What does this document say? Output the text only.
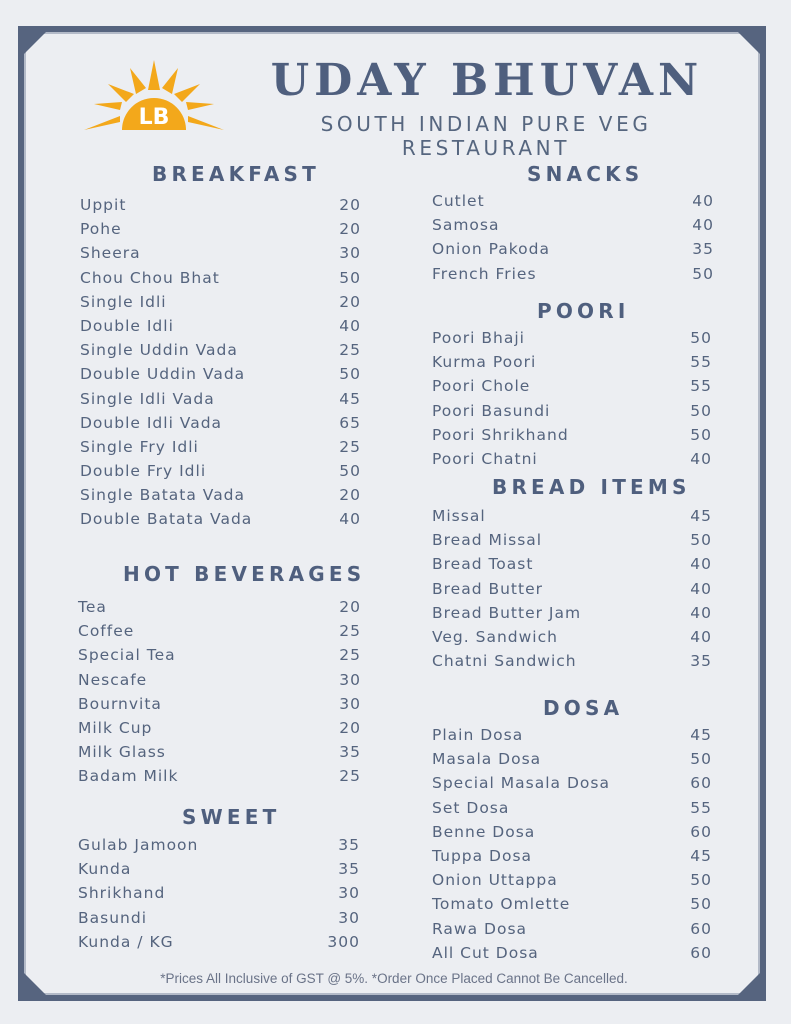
LB
UDAY BHUVAN
SOUTH INDIAN PURE VEG RESTAURANT
BREAKFAST
Uppit	20
Pohe	20
Sheera	30
Chou Chou Bhat	50
Single Idli	20
Double Idli	40
Single Uddin Vada	25
Double Uddin Vada	50
Single Idli Vada	45
Double Idli Vada	65
Single Fry Idli	25
Double Fry Idli	50
Single Batata Vada	20
Double Batata Vada	40
HOT BEVERAGES
Tea	20
Coffee	25
Special Tea	25
Nescafe	30
Bournvita	30
Milk Cup	20
Milk Glass	35
Badam Milk	25
SWEET
Gulab Jamoon	35
Kunda	35
Shrikhand	30
Basundi	30
Kunda / KG	300
SNACKS
Cutlet	40
Samosa	40
Onion Pakoda	35
French Fries	50
POORI
Poori Bhaji	50
Kurma Poori	55
Poori Chole	55
Poori Basundi	50
Poori Shrikhand	50
Poori Chatni	40
BREAD ITEMS
Missal	45
Bread Missal	50
Bread Toast	40
Bread Butter	40
Bread Butter Jam	40
Veg. Sandwich	40
Chatni Sandwich	35
DOSA
Plain Dosa	45
Masala Dosa	50
Special Masala Dosa	60
Set Dosa	55
Benne Dosa	60
Tuppa Dosa	45
Onion Uttappa	50
Tomato Omlette	50
Rawa Dosa	60
All Cut Dosa	60
*Prices All Inclusive of GST @ 5%. *Order Once Placed Cannot Be Cancelled.
